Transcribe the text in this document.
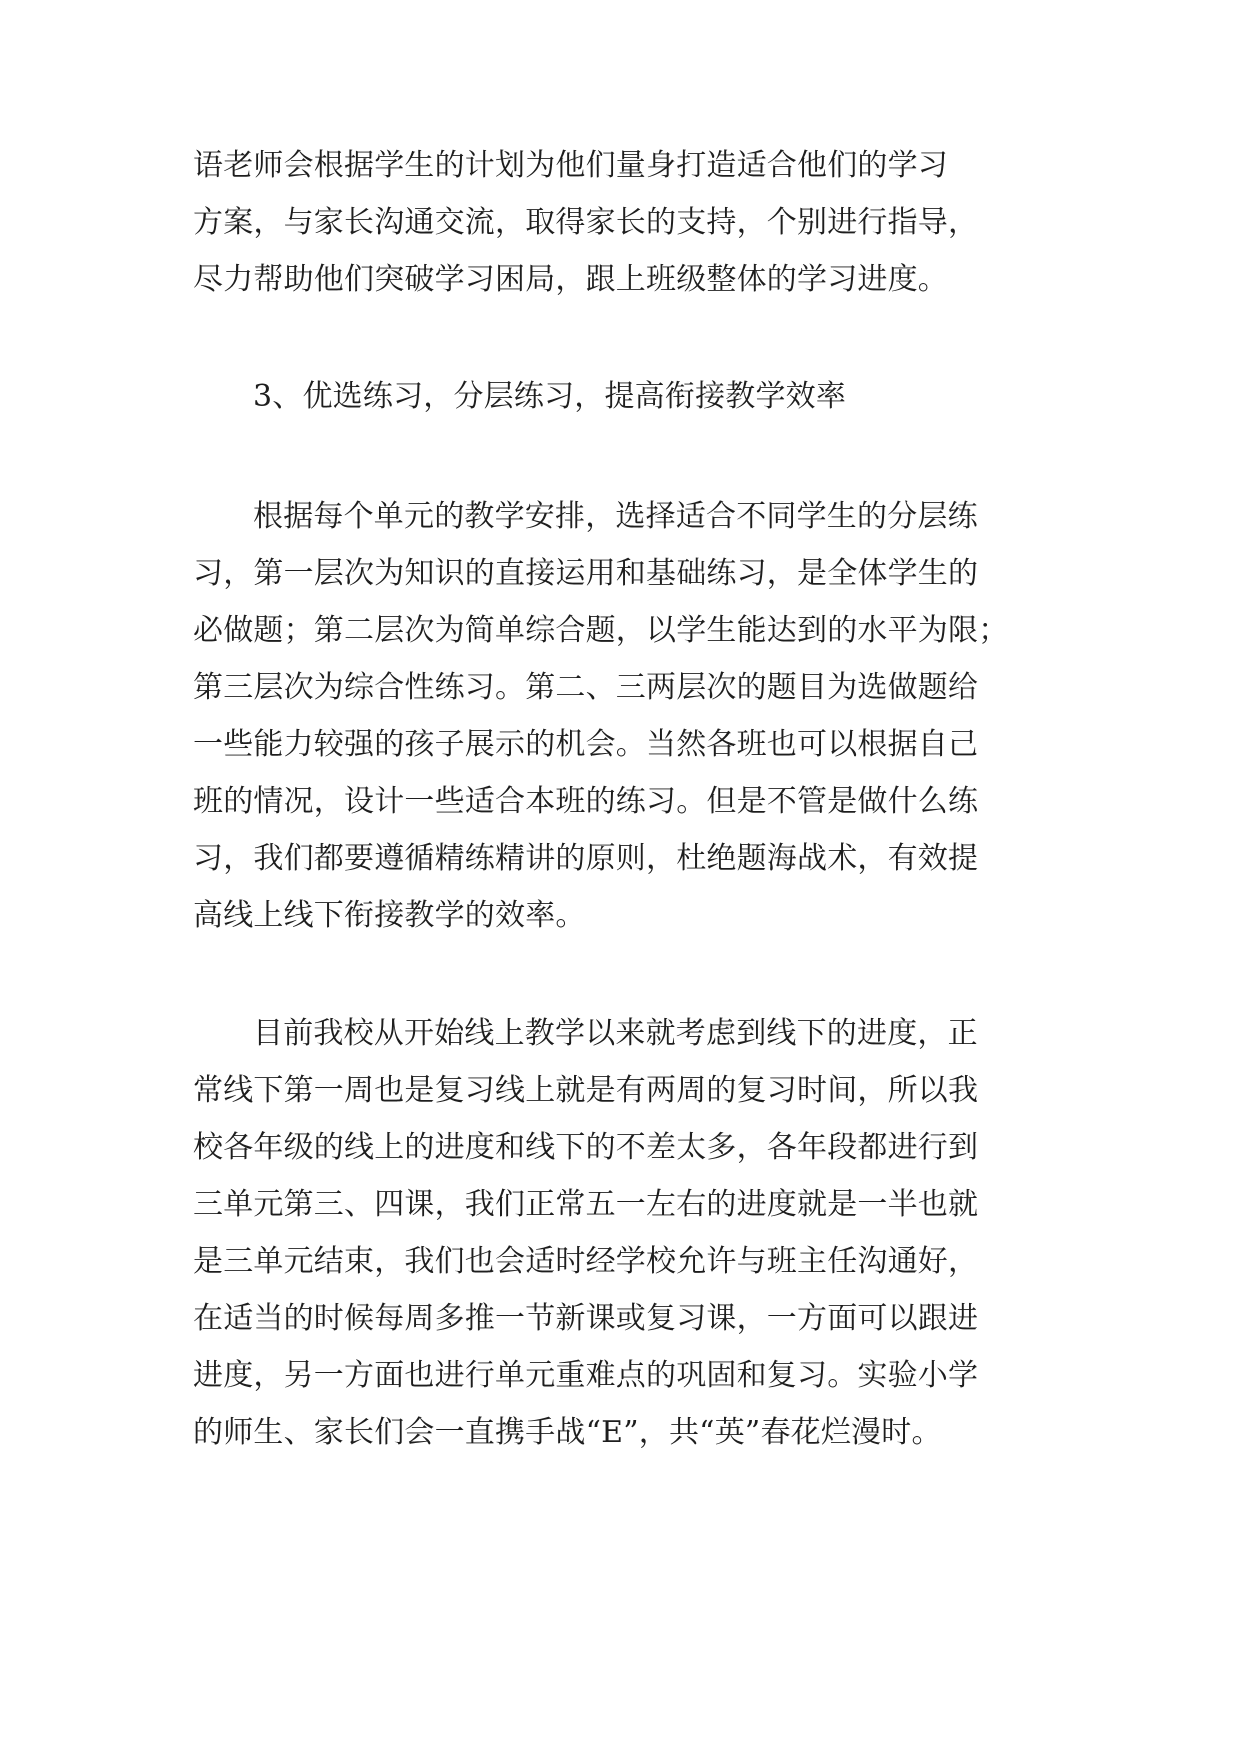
语老师会根据学生的计划为他们量身打造适合他们的学习
方案，与家长沟通交流，取得家长的支持，个别进行指导，
尽力帮助他们突破学习困局，跟上班级整体的学习进度。
3、优选练习，分层练习，提高衔接教学效率
根据每个单元的教学安排，选择适合不同学生的分层练
习，第一层次为知识的直接运用和基础练习，是全体学生的
必做题；第二层次为简单综合题，以学生能达到的水平为限；
第三层次为综合性练习。第二、三两层次的题目为选做题给
一些能力较强的孩子展示的机会。当然各班也可以根据自己
班的情况，设计一些适合本班的练习。但是不管是做什么练
习，我们都要遵循精练精讲的原则，杜绝题海战术，有效提
高线上线下衔接教学的效率。
目前我校从开始线上教学以来就考虑到线下的进度，正
常线下第一周也是复习线上就是有两周的复习时间，所以我
校各年级的线上的进度和线下的不差太多，各年段都进行到
三单元第三、四课，我们正常五一左右的进度就是一半也就
是三单元结束，我们也会适时经学校允许与班主任沟通好，
在适当的时候每周多推一节新课或复习课，一方面可以跟进
进度，另一方面也进行单元重难点的巩固和复习。实验小学
的师生、家长们会一直携手战“E”，共“英”春花烂漫时。
